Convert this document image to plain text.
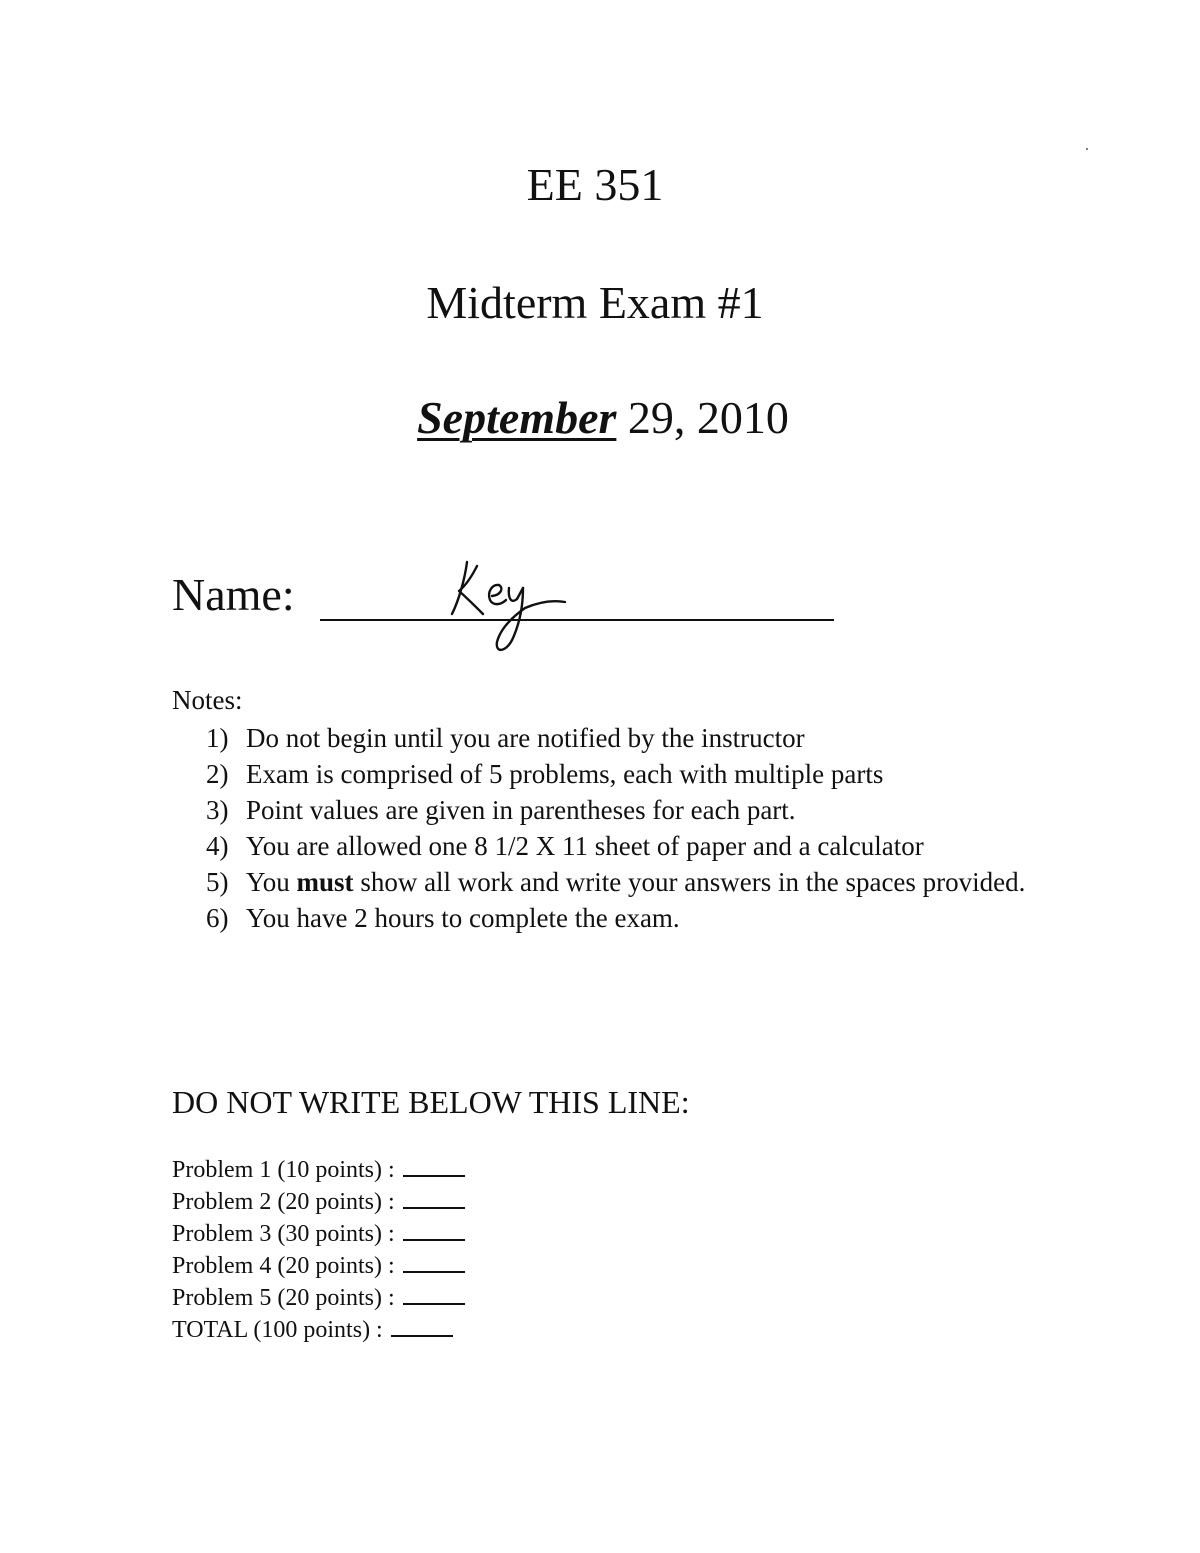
EE 351
Midterm Exam #1
September 29, 2010
Name:
Notes:
1) Do not begin until you are notified by the instructor
2) Exam is comprised of 5 problems, each with multiple parts
3) Point values are given in parentheses for each part.
4) You are allowed one 8 1/2 X 11 sheet of paper and a calculator
5) You must show all work and write your answers in the spaces provided.
6) You have 2 hours to complete the exam.
DO NOT WRITE BELOW THIS LINE:
Problem 1 (10 points) :
Problem 2 (20 points) :
Problem 3 (30 points) :
Problem 4 (20 points) :
Problem 5 (20 points) :
TOTAL (100 points) :
